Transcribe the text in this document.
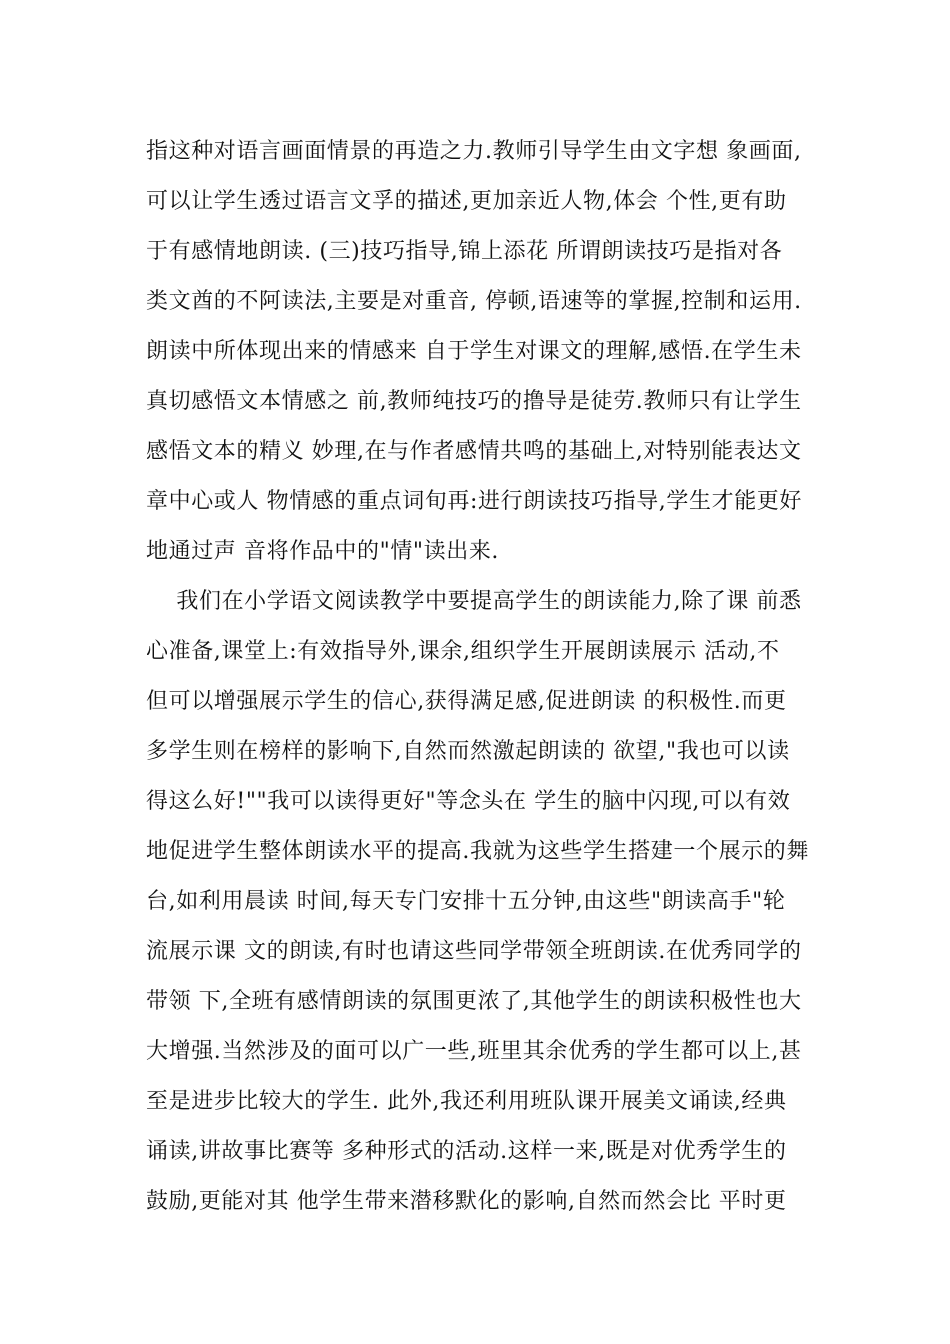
指这种对语言画面情景的再造之力.教师引导学生由文字想 象画面,
可以让学生透过语言文孚的描述,更加亲近人物,体会 个性,更有助
于有感情地朗读. (三)技巧指导,锦上添花 所谓朗读技巧是指对各
类文酋的不阿读法,主要是对重音, 停顿,语速等的掌握,控制和运用.
朗读中所体现出来的情感来 自于学生对课文的理解,感悟.在学生未
真切感悟文本情感之 前,教师纯技巧的撸导是徒劳.教师只有让学生
感悟文本的精义 妙理,在与作者感情共鸣的基础上,对特别能表达文
章中心或人 物情感的重点词旬再:进行朗读技巧指导,学生才能更好
地通过声 音将作品中的"情"读出来.
我们在小学语文阅读教学中要提高学生的朗读能力,除了课 前悉
心准备,课堂上:有效指导外,课余,组织学生开展朗读展示 活动,不
但可以增强展示学生的信心,获得满足感,促进朗读 的积极性.而更
多学生则在榜样的影响下,自然而然激起朗读的 欲望,"我也可以读
得这么好!""我可以读得更好"等念头在 学生的脑中闪现,可以有效
地促进学生整体朗读水平的提高.我就为这些学生搭建一个展示的舞
台,如利用晨读 时间,每天专门安排十五分钟,由这些"朗读高手"轮
流展示课 文的朗读,有时也请这些同学带领全班朗读.在优秀同学的
带领 下,全班有感情朗读的氛围更浓了,其他学生的朗读积极性也大
大增强.当然涉及的面可以广一些,班里其余优秀的学生都可以上,甚
至是进步比较大的学生. 此外,我还利用班队课开展美文诵读,经典
诵读,讲故事比赛等 多种形式的活动.这样一来,既是对优秀学生的
鼓励,更能对其 他学生带来潜移默化的影响,自然而然会比 平时更
